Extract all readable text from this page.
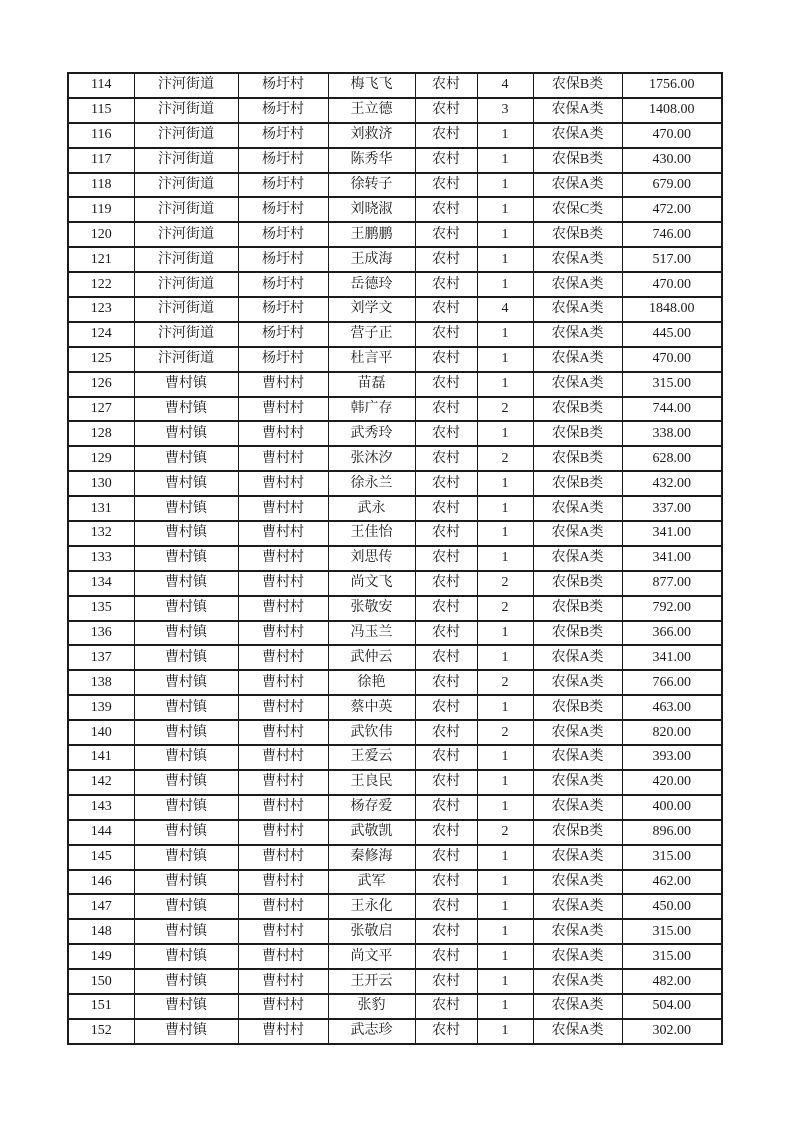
114	汴河街道	杨圩村	梅飞飞	农村	4	农保B类	1756.00
115	汴河街道	杨圩村	王立德	农村	3	农保A类	1408.00
116	汴河街道	杨圩村	刘救济	农村	1	农保A类	470.00
117	汴河街道	杨圩村	陈秀华	农村	1	农保B类	430.00
118	汴河街道	杨圩村	徐转子	农村	1	农保A类	679.00
119	汴河街道	杨圩村	刘晓淑	农村	1	农保C类	472.00
120	汴河街道	杨圩村	王鹏鹏	农村	1	农保B类	746.00
121	汴河街道	杨圩村	王成海	农村	1	农保A类	517.00
122	汴河街道	杨圩村	岳德玲	农村	1	农保A类	470.00
123	汴河街道	杨圩村	刘学文	农村	4	农保A类	1848.00
124	汴河街道	杨圩村	营子正	农村	1	农保A类	445.00
125	汴河街道	杨圩村	杜言平	农村	1	农保A类	470.00
126	曹村镇	曹村村	苗磊	农村	1	农保A类	315.00
127	曹村镇	曹村村	韩广存	农村	2	农保B类	744.00
128	曹村镇	曹村村	武秀玲	农村	1	农保B类	338.00
129	曹村镇	曹村村	张沐汐	农村	2	农保B类	628.00
130	曹村镇	曹村村	徐永兰	农村	1	农保B类	432.00
131	曹村镇	曹村村	武永	农村	1	农保A类	337.00
132	曹村镇	曹村村	王佳怡	农村	1	农保A类	341.00
133	曹村镇	曹村村	刘思传	农村	1	农保A类	341.00
134	曹村镇	曹村村	尚文飞	农村	2	农保B类	877.00
135	曹村镇	曹村村	张敬安	农村	2	农保B类	792.00
136	曹村镇	曹村村	冯玉兰	农村	1	农保B类	366.00
137	曹村镇	曹村村	武仲云	农村	1	农保A类	341.00
138	曹村镇	曹村村	徐艳	农村	2	农保A类	766.00
139	曹村镇	曹村村	蔡中英	农村	1	农保B类	463.00
140	曹村镇	曹村村	武钦伟	农村	2	农保A类	820.00
141	曹村镇	曹村村	王爱云	农村	1	农保A类	393.00
142	曹村镇	曹村村	王良民	农村	1	农保A类	420.00
143	曹村镇	曹村村	杨存爱	农村	1	农保A类	400.00
144	曹村镇	曹村村	武敬凯	农村	2	农保B类	896.00
145	曹村镇	曹村村	秦修海	农村	1	农保A类	315.00
146	曹村镇	曹村村	武军	农村	1	农保A类	462.00
147	曹村镇	曹村村	王永化	农村	1	农保A类	450.00
148	曹村镇	曹村村	张敬启	农村	1	农保A类	315.00
149	曹村镇	曹村村	尚文平	农村	1	农保A类	315.00
150	曹村镇	曹村村	王开云	农村	1	农保A类	482.00
151	曹村镇	曹村村	张豹	农村	1	农保A类	504.00
152	曹村镇	曹村村	武志珍	农村	1	农保A类	302.00
